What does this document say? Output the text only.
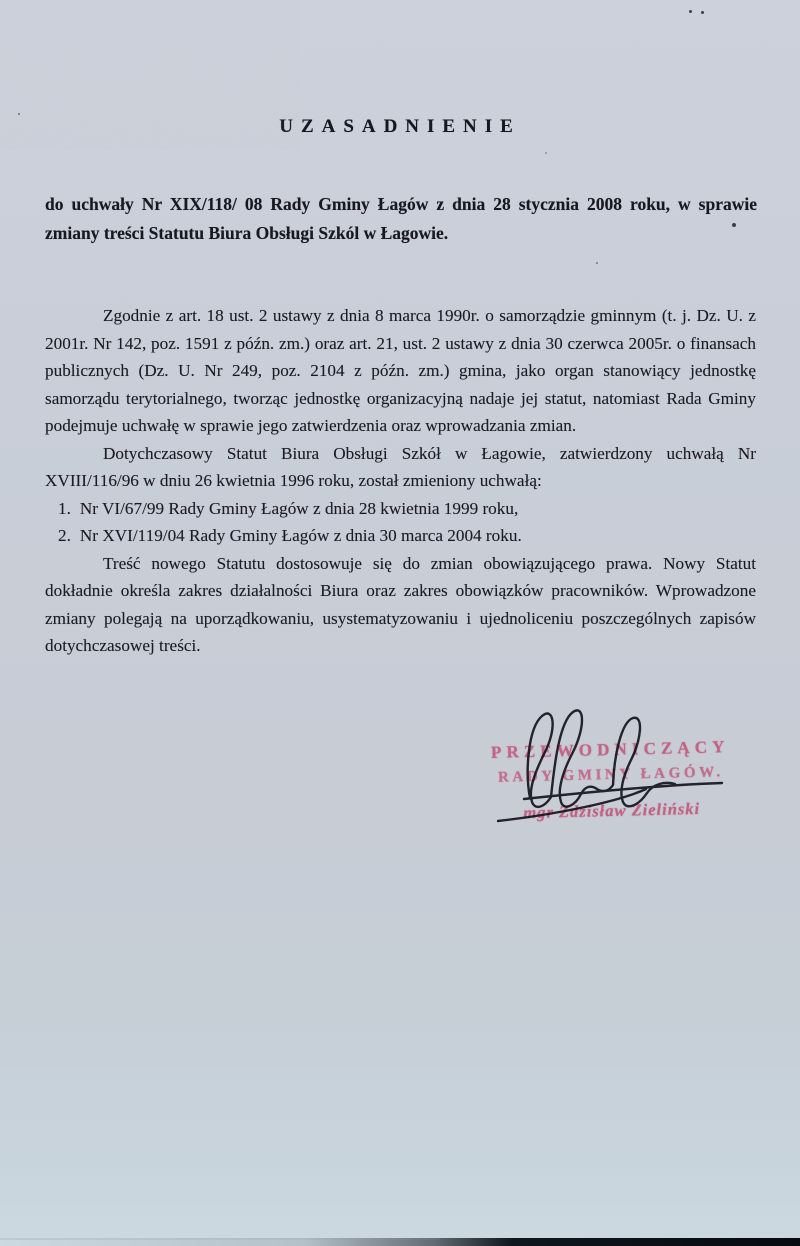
UZASADNIENIE
do uchwały Nr XIX/118/ 08 Rady Gminy Łagów z dnia 28 stycznia 2008 roku, w sprawie zmiany treści Statutu Biura Obsługi Szkól w Łagowie.

Zgodnie z art. 18 ust. 2 ustawy z dnia 8 marca 1990r. o samorządzie gminnym (t. j. Dz. U. z 2001r. Nr 142, poz. 1591 z późn. zm.) oraz art. 21, ust. 2 ustawy z dnia 30 czerwca 2005r. o finansach publicznych (Dz. U. Nr 249, poz. 2104 z późn. zm.) gmina, jako organ stanowiący jednostkę samorządu terytorialnego, tworząc jednostkę organizacyjną nadaje jej statut, natomiast Rada Gminy podejmuje uchwałę w sprawie jego zatwierdzenia oraz wprowadzania zmian.

Dotychczasowy Statut Biura Obsługi Szkół w Łagowie, zatwierdzony uchwałą Nr XVIII/116/96 w dniu 26 kwietnia 1996 roku, został zmieniony uchwałą:

1. Nr VI/67/99 Rady Gminy Łagów z dnia 28 kwietnia 1999 roku,
2. Nr XVI/119/04 Rady Gminy Łagów z dnia 30 marca 2004 roku.

Treść nowego Statutu dostosowuje się do zmian obowiązującego prawa. Nowy Statut dokładnie określa zakres działalności Biura oraz zakres obowiązków pracowników. Wprowadzone zmiany polegają na uporządkowaniu, usystematyzowaniu i ujednoliceniu poszczególnych zapisów dotychczasowej treści.

PRZEWODNICZĄCY
RADY GMINY ŁAGÓW.
mgr Zdzisław Zieliński
